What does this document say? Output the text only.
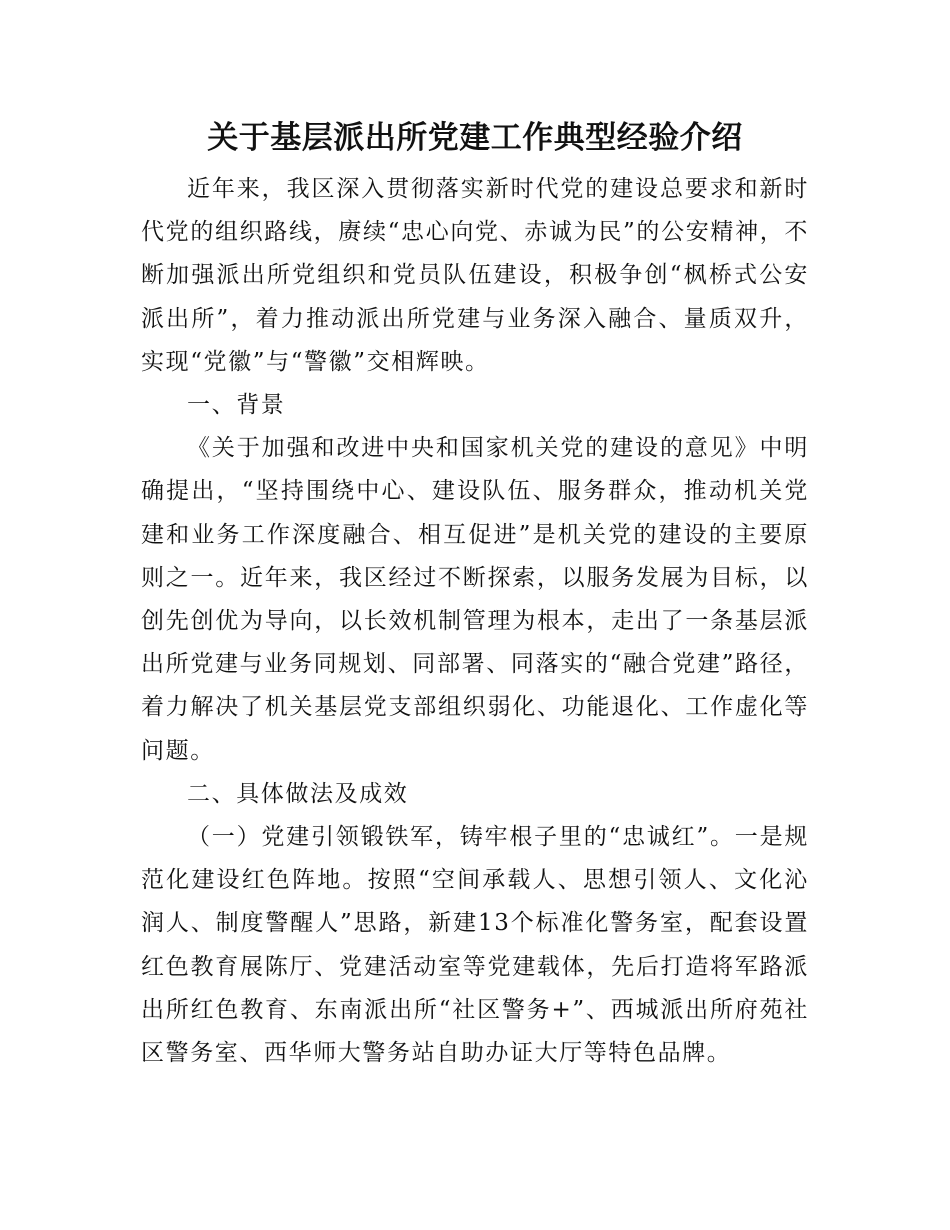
关于基层派出所党建工作典型经验介绍

近年来，我区深入贯彻落实新时代党的建设总要求和新时代党的组织路线，赓续“忠心向党、赤诚为民”的公安精神，不断加强派出所党组织和党员队伍建设，积极争创“枫桥式公安派出所”，着力推动派出所党建与业务深入融合、量质双升，实现“党徽”与“警徽”交相辉映。

一、背景

《关于加强和改进中央和国家机关党的建设的意见》中明确提出，“坚持围绕中心、建设队伍、服务群众，推动机关党建和业务工作深度融合、相互促进”是机关党的建设的主要原则之一。近年来，我区经过不断探索，以服务发展为目标，以创先创优为导向，以长效机制管理为根本，走出了一条基层派出所党建与业务同规划、同部署、同落实的“融合党建”路径，着力解决了机关基层党支部组织弱化、功能退化、工作虚化等问题。

二、具体做法及成效

（一）党建引领锻铁军，铸牢根子里的“忠诚红”。一是规范化建设红色阵地。按照“空间承载人、思想引领人、文化沁润人、制度警醒人”思路，新建13个标准化警务室，配套设置红色教育展陈厅、党建活动室等党建载体，先后打造将军路派出所红色教育、东南派出所“社区警务+”、西城派出所府苑社区警务室、西华师大警务站自助办证大厅等特色品牌。
